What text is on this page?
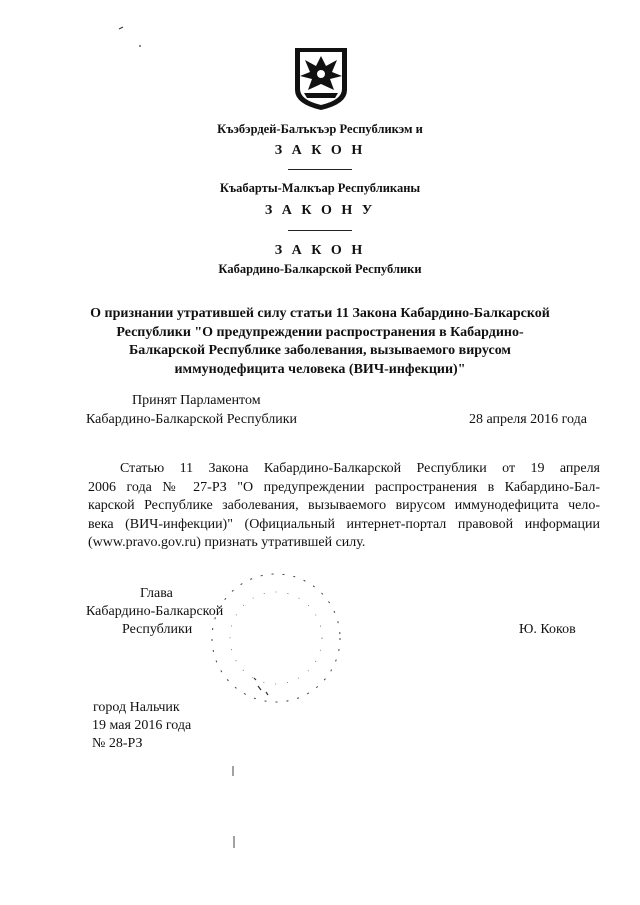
Къэбэрдей-Балъкъэр Республикэм и
З А К О Н
Къабарты-Малкъар Республиканы
З А К О Н У
З А К О Н
Кабардино-Балкарской Республики
О признании утратившей силу статьи 11 Закона Кабардино-Балкарской
Республики "О предупреждении распространения в Кабардино-
Балкарской Республике заболевания, вызываемого вирусом
иммунодефицита человека (ВИЧ-инфекции)"
Принят Парламентом
Кабардино-Балкарской Республики	28 апреля 2016 года
Статью 11 Закона Кабардино-Балкарской Республики от 19 апреля
2006 года № 27-РЗ "О предупреждении распространения в Кабардино-Бал-
карской Республике заболевания, вызываемого вирусом иммунодефицита чело-
века (ВИЧ-инфекции)" (Официальный интернет-портал правовой информации
(www.pravo.gov.ru) признать утратившей силу.
Глава
Кабардино-Балкарской
Республики	Ю. Коков
город Нальчик
19 мая 2016 года
№ 28-РЗ
